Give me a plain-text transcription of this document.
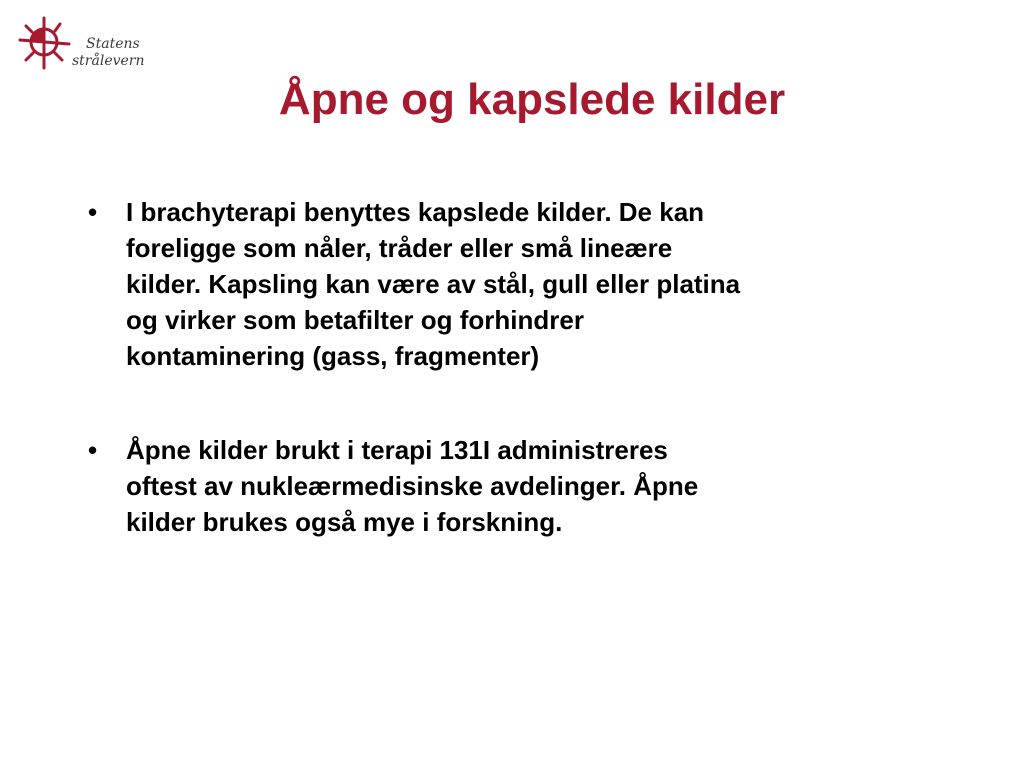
Statens
strålevern
Åpne og kapslede kilder
•	I brachyterapi benyttes kapslede kilder. De kan
foreligge som nåler, tråder eller små lineære
kilder. Kapsling kan være av stål, gull eller platina
og virker som betafilter og forhindrer
kontaminering (gass, fragmenter)
•	Åpne kilder brukt i terapi 131I administreres
oftest av nukleærmedisinske avdelinger. Åpne
kilder brukes også mye i forskning.
